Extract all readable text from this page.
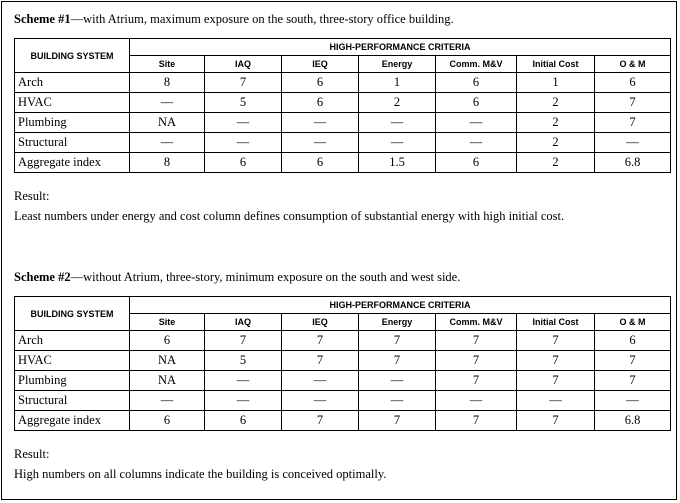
Scheme #1—with Atrium, maximum exposure on the south, three-story office building.
BUILDING SYSTEM	HIGH-PERFORMANCE CRITERIA						
	Site	IAQ	IEQ	Energy	Comm. M&V	Initial Cost	O & M
Arch	8	7	6	1	6	1	6
HVAC	—	5	6	2	6	2	7
Plumbing	NA	—	—	—	—	2	7
Structural	—	—	—	—	—	2	—
Aggregate index	8	6	6	1.5	6	2	6.8
Result:
Least numbers under energy and cost column defines consumption of substantial energy with high initial cost.
Scheme #2—without Atrium, three-story, minimum exposure on the south and west side.
BUILDING SYSTEM	HIGH-PERFORMANCE CRITERIA						
	Site	IAQ	IEQ	Energy	Comm. M&V	Initial Cost	O & M
Arch	6	7	7	7	7	7	6
HVAC	NA	5	7	7	7	7	7
Plumbing	NA	—	—	—	7	7	7
Structural	—	—	—	—	—	—	—
Aggregate index	6	6	7	7	7	7	6.8
Result:
High numbers on all columns indicate the building is conceived optimally.
